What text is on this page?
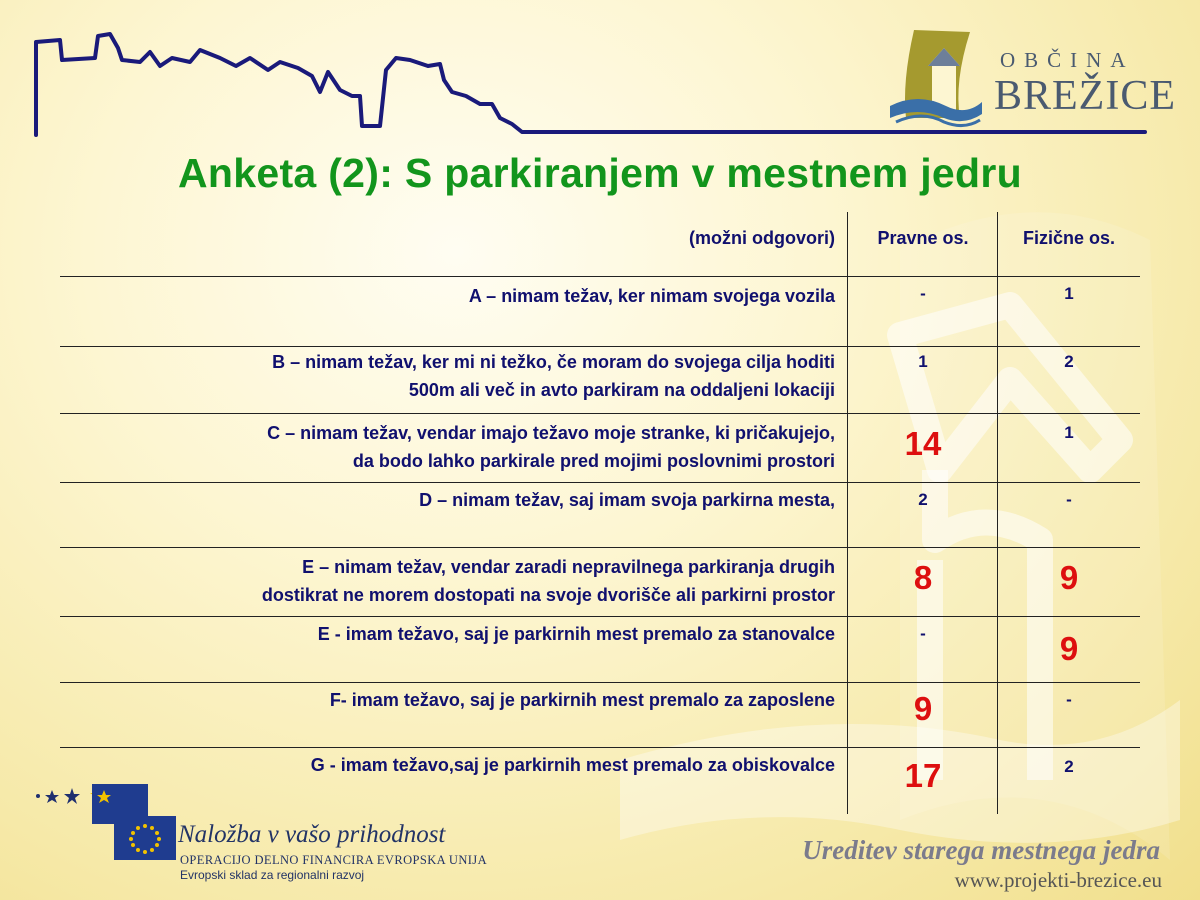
OBČINA
BREŽICE
Anketa (2): S parkiranjem v mestnem jedru
(možni odgovori)	Pravne os.	Fizične os.
A – nimam težav, ker nimam svojega vozila	-	1
B – nimam težav, ker mi ni težko, če moram do svojega cilja hoditi
500m ali več in avto parkiram na oddaljeni lokaciji
1	2
C – nimam težav, vendar imajo težavo moje stranke, ki pričakujejo,
da bodo lahko parkirale pred mojimi poslovnimi prostori	14	1
D – nimam težav, saj imam svoja parkirna mesta,	2	-
E – nimam težav, vendar zaradi nepravilnega parkiranja drugih
dostikrat ne morem dostopati na svoje dvorišče ali parkirni prostor	8	9
E - imam težavo, saj je parkirnih mest premalo za stanovalce	-	9
F- imam težavo, saj je parkirnih mest premalo za zaposlene	9	-
G - imam težavo,saj je parkirnih mest premalo za obiskovalce	17	2
Naložba v vašo prihodnost
OPERACIJO DELNO FINANCIRA EVROPSKA UNIJA
Evropski sklad za regionalni razvoj
Ureditev starega mestnega jedra
www.projekti-brezice.eu
